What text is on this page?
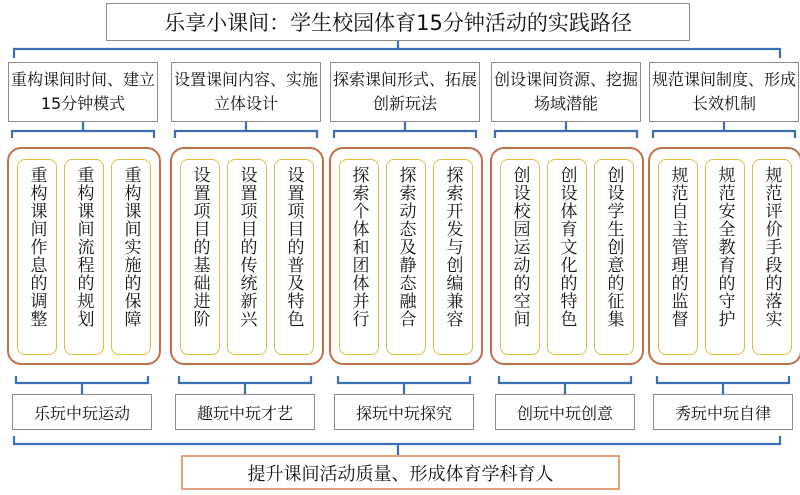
乐享小课间：学生校园体育15分钟活动的实践路径
重构课间时间、建立15分钟模式
重构课间作息的调整 重构课间流程的规划 重构课间实施的保障
乐玩中玩运动
设置课间内容、实施立体设计
设置项目的基础进阶 设置项目的传统新兴 设置项目的普及特色
趣玩中玩才艺
探索课间形式、拓展创新玩法
探索个体和团体并行 探索动态及静态融合 探索开发与创编兼容
探玩中玩探究
创设课间资源、挖掘场域潜能
创设校园运动的空间 创设体育文化的特色 创设学生创意的征集
创玩中玩创意
规范课间制度、形成长效机制
规范自主管理的监督 规范安全教育的守护 规范评价手段的落实
秀玩中玩自律
提升课间活动质量、形成体育学科育人
